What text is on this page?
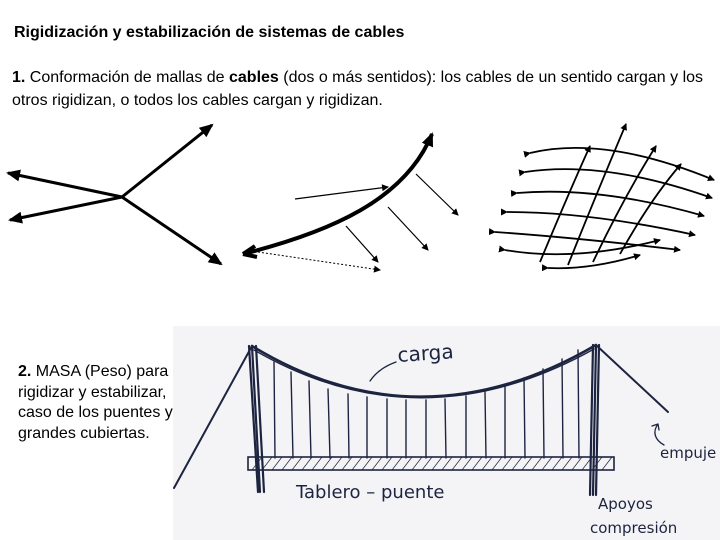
Rigidización y estabilización de sistemas de cables
1. Conformación de mallas de cables (dos o más sentidos): los cables de un sentido cargan y los otros rigidizan, o todos los cables cargan y rigidizan.
carga
Tablero – puente
empuje
Apoyos
compresión
2. MASA (Peso) para rigidizar y estabilizar, caso de los puentes y grandes cubiertas.
